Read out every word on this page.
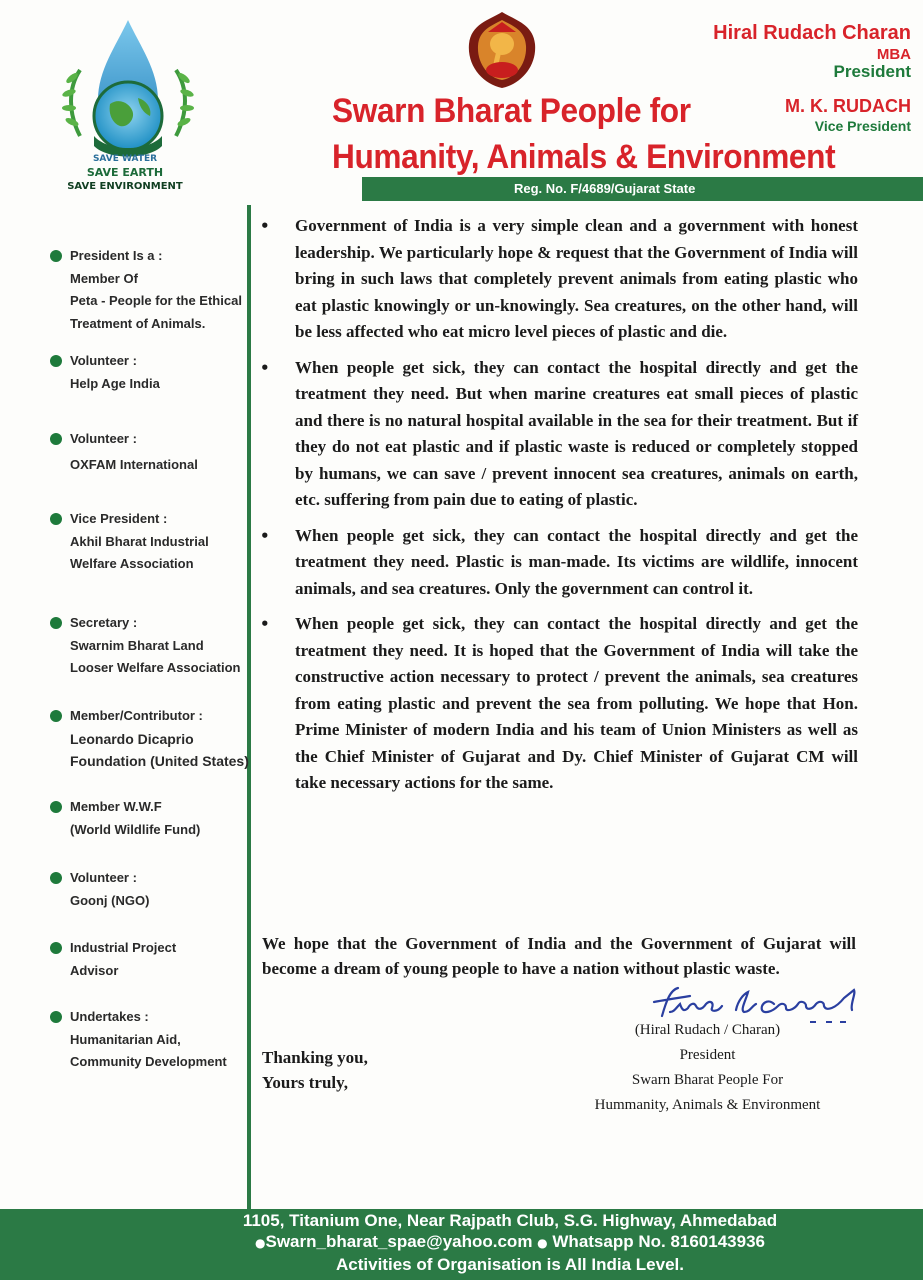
SAVE WATER
SAVE EARTH
SAVE ENVIRONMENT
Swarn Bharat People for
Humanity, Animals & Environment
Hiral Rudach Charan
MBA
President
M. K. RUDACH
Vice President
Reg. No. F/4689/Gujarat State
President Is a :
Member Of
Peta - People for the Ethical
Treatment of Animals.
Volunteer :
Help Age India
Volunteer :
OXFAM International
Vice President :
Akhil Bharat Industrial
Welfare Association
Secretary :
Swarnim Bharat Land
Looser Welfare Association
Member/Contributor :
Leonardo Dicaprio
Foundation (United States)
Member W.W.F
(World Wildlife Fund)
Volunteer :
Goonj (NGO)
Industrial Project
Advisor
Undertakes :
Humanitarian Aid,
Community Development

• Government of India is a very simple clean and a government with honest leadership. We particularly hope & request that the Government of India will bring in such laws that completely prevent animals from eating plastic who eat plastic knowingly or un-knowingly. Sea creatures, on the other hand, will be less affected who eat micro level pieces of plastic and die.

• When people get sick, they can contact the hospital directly and get the treatment they need. But when marine creatures eat small pieces of plastic and there is no natural hospital available in the sea for their treatment. But if they do not eat plastic and if plastic waste is reduced or completely stopped by humans, we can save / prevent innocent sea creatures, animals on earth, etc. suffering from pain due to eating of plastic.

• When people get sick, they can contact the hospital directly and get the treatment they need. Plastic is man-made. Its victims are wildlife, innocent animals, and sea creatures. Only the government can control it.

• When people get sick, they can contact the hospital directly and get the treatment they need. It is hoped that the Government of India will take the constructive action necessary to protect / prevent the animals, sea creatures from eating plastic and prevent the sea from polluting. We hope that Hon. Prime Minister of modern India and his team of Union Ministers as well as the Chief Minister of Gujarat and Dy. Chief Minister of Gujarat CM will take necessary actions for the same.

We hope that the Government of India and the Government of Gujarat will become a dream of young people to have a nation without plastic waste.

Thanking you,
Yours truly,
(Hiral Rudach / Charan)
President
Swarn Bharat People For
Hummanity, Animals & Environment
1105, Titanium One, Near Rajpath Club, S.G. Highway, Ahmedabad
●Swarn_bharat_spae@yahoo.com ● Whatsapp No. 8160143936
Activities of Organisation is All India Level.
